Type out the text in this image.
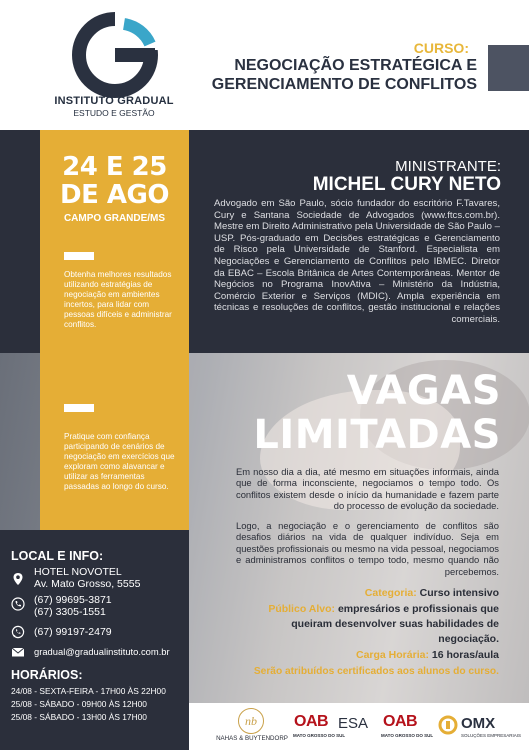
INSTITUTO GRADUAL
ESTUDO E GESTÃO
CURSO:
NEGOCIAÇÃO ESTRATÉGICA E
GERENCIAMENTO DE CONFLITOS
24 E 25
DE AGO
CAMPO GRANDE/MS
Obtenha melhores resultados utilizando estratégias de negociação em ambientes incertos, para lidar com pessoas difíceis e administrar conflitos.
Pratique com confiança participando de cenários de negociação em exercícios que exploram como alavancar e utilizar as ferramentas passadas ao longo do curso.
MINISTRANTE:
MICHEL CURY NETO
Advogado em São Paulo, sócio fundador do escritório F.Tavares, Cury e Santana Sociedade de Advogados (www.ftcs.com.br). Mestre em Direito Administrativo pela Universidade de São Paulo – USP. Pós-graduado em Decisões estratégicas e Gerenciamento de Risco pela Universidade de Stanford. Especialista em Negociações e Gerenciamento de Conflitos pelo IBMEC. Diretor da EBAC – Escola Britânica de Artes Contemporâneas. Mentor de Negócios no Programa InovAtiva – Ministério da Indústria, Comércio Exterior e Serviços (MDIC). Ampla experiência em técnicas e resoluções de conflitos, gestão institucional e relações comerciais.
VAGAS
LIMITADAS
Em nosso dia a dia, até mesmo em situações informais, ainda que de forma inconsciente, negociamos o tempo todo. Os conflitos existem desde o início da humanidade e fazem parte do processo de evolução da sociedade.
Logo, a negociação e o gerenciamento de conflitos são desafios diários na vida de qualquer indivíduo. Seja em questões profissionais ou mesmo na vida pessoal, negociamos e administramos conflitos o tempo todo, mesmo quando não percebemos.
Categoria: Curso intensivo
Público Alvo: empresários e profissionais que
queiram desenvolver suas habilidades de
negociação.
Carga Horária: 16 horas/aula
Serão atribuídos certificados aos alunos do curso.
LOCAL E INFO:
HOTEL NOVOTEL
Av. Mato Grosso, 5555
(67) 99695-3871
(67) 3305-1551
(67) 99197-2479
gradual@gradualinstituto.com.br
HORÁRIOS:
24/08 - SEXTA-FEIRA - 17H00 ÀS 22H00
25/08 - SÁBADO - 09H00 ÀS 12H00
25/08 - SÁBADO - 13H00 ÀS 17H00	nb
NAHAS & BUYTENDORP
OAB ESA
MATO GROSSO DO SUL
OAB
MATO GROSSO DO SUL
OMX
SOLUÇÕES EMPRESARIAIS
